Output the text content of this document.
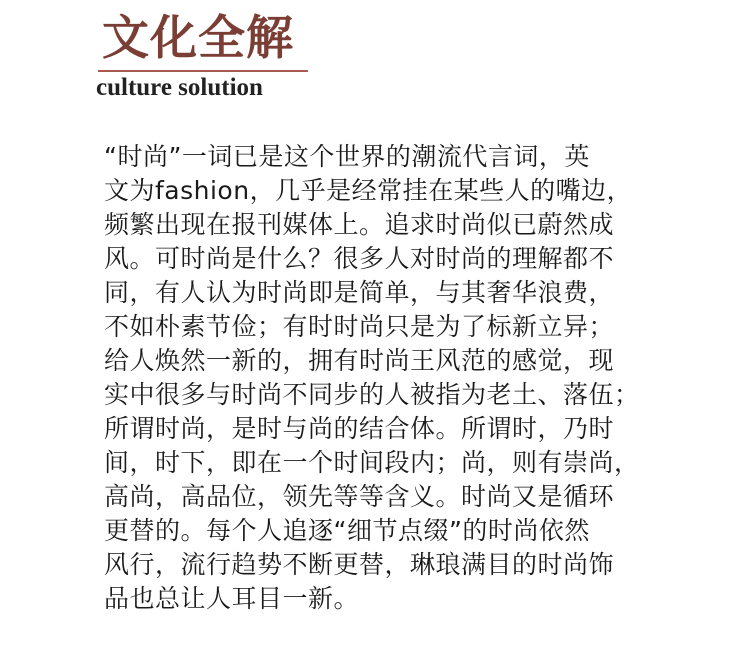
文化全解
culture solution
“时尚”一词已是这个世界的潮流代言词，英
文为fashion，几乎是经常挂在某些人的嘴边，
频繁出现在报刊媒体上。追求时尚似已蔚然成
风。可时尚是什么？很多人对时尚的理解都不
同，有人认为时尚即是简单，与其奢华浪费，
不如朴素节俭；有时时尚只是为了标新立异；
给人焕然一新的，拥有时尚王风范的感觉，现
实中很多与时尚不同步的人被指为老土、落伍；
所谓时尚，是时与尚的结合体。所谓时，乃时
间，时下，即在一个时间段内；尚，则有崇尚，
高尚，高品位，领先等等含义。时尚又是循环
更替的。每个人追逐“细节点缀”的时尚依然
风行，流行趋势不断更替，琳琅满目的时尚饰
品也总让人耳目一新。
